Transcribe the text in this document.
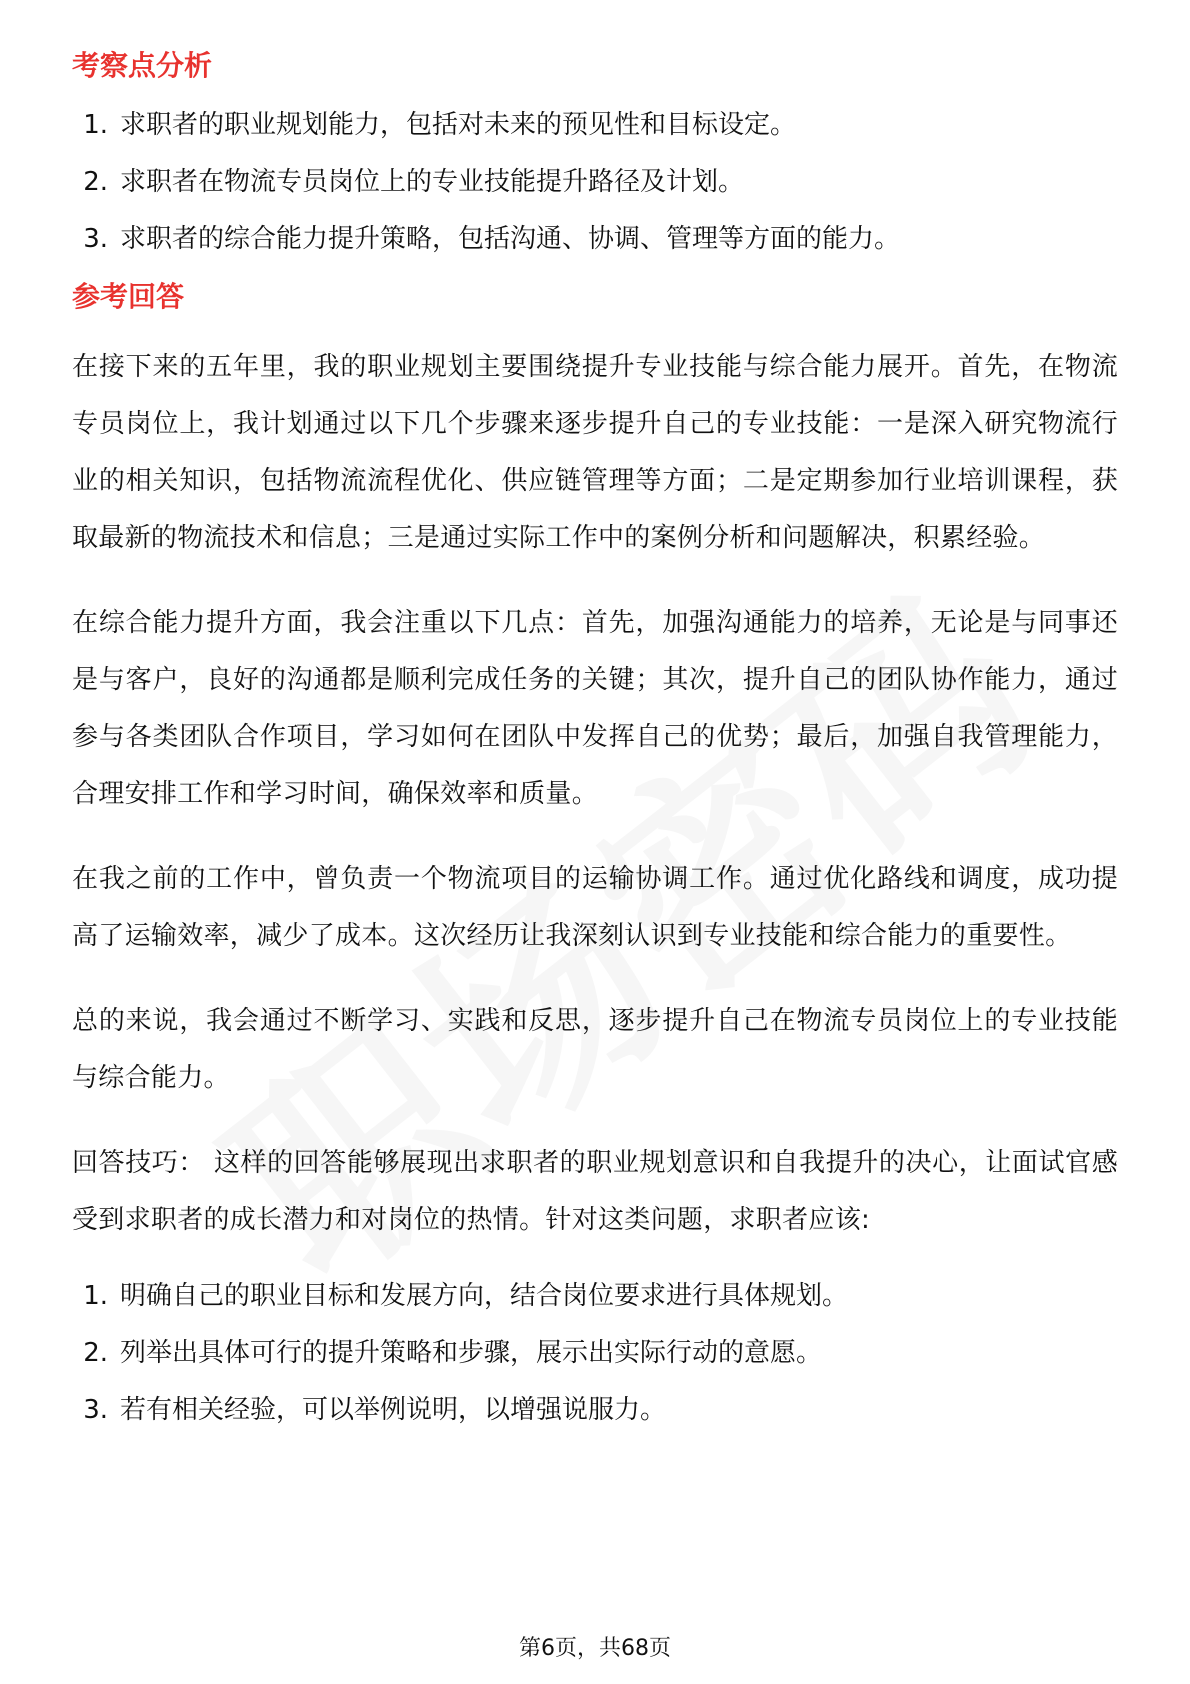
考察点分析
1. 求职者的职业规划能力，包括对未来的预见性和目标设定。
2. 求职者在物流专员岗位上的专业技能提升路径及计划。
3. 求职者的综合能力提升策略，包括沟通、协调、管理等方面的能力。
参考回答

在接下来的五年里，我的职业规划主要围绕提升专业技能与综合能力展开。首先，在物流专员岗位上，我计划通过以下几个步骤来逐步提升自己的专业技能：一是深入研究物流行业的相关知识，包括物流流程优化、供应链管理等方面；二是定期参加行业培训课程，获取最新的物流技术和信息；三是通过实际工作中的案例分析和问题解决，积累经验。

在综合能力提升方面，我会注重以下几点：首先，加强沟通能力的培养，无论是与同事还是与客户，良好的沟通都是顺利完成任务的关键；其次，提升自己的团队协作能力，通过参与各类团队合作项目，学习如何在团队中发挥自己的优势；最后，加强自我管理能力，合理安排工作和学习时间，确保效率和质量。

在我之前的工作中，曾负责一个物流项目的运输协调工作。通过优化路线和调度，成功提高了运输效率，减少了成本。这次经历让我深刻认识到专业技能和综合能力的重要性。

总的来说，我会通过不断学习、实践和反思，逐步提升自己在物流专员岗位上的专业技能与综合能力。

回答技巧： 这样的回答能够展现出求职者的职业规划意识和自我提升的决心，让面试官感受到求职者的成长潜力和对岗位的热情。针对这类问题，求职者应该:

1. 明确自己的职业目标和发展方向，结合岗位要求进行具体规划。
2. 列举出具体可行的提升策略和步骤，展示出实际行动的意愿。
3. 若有相关经验，可以举例说明，以增强说服力。
第6页，共68页
